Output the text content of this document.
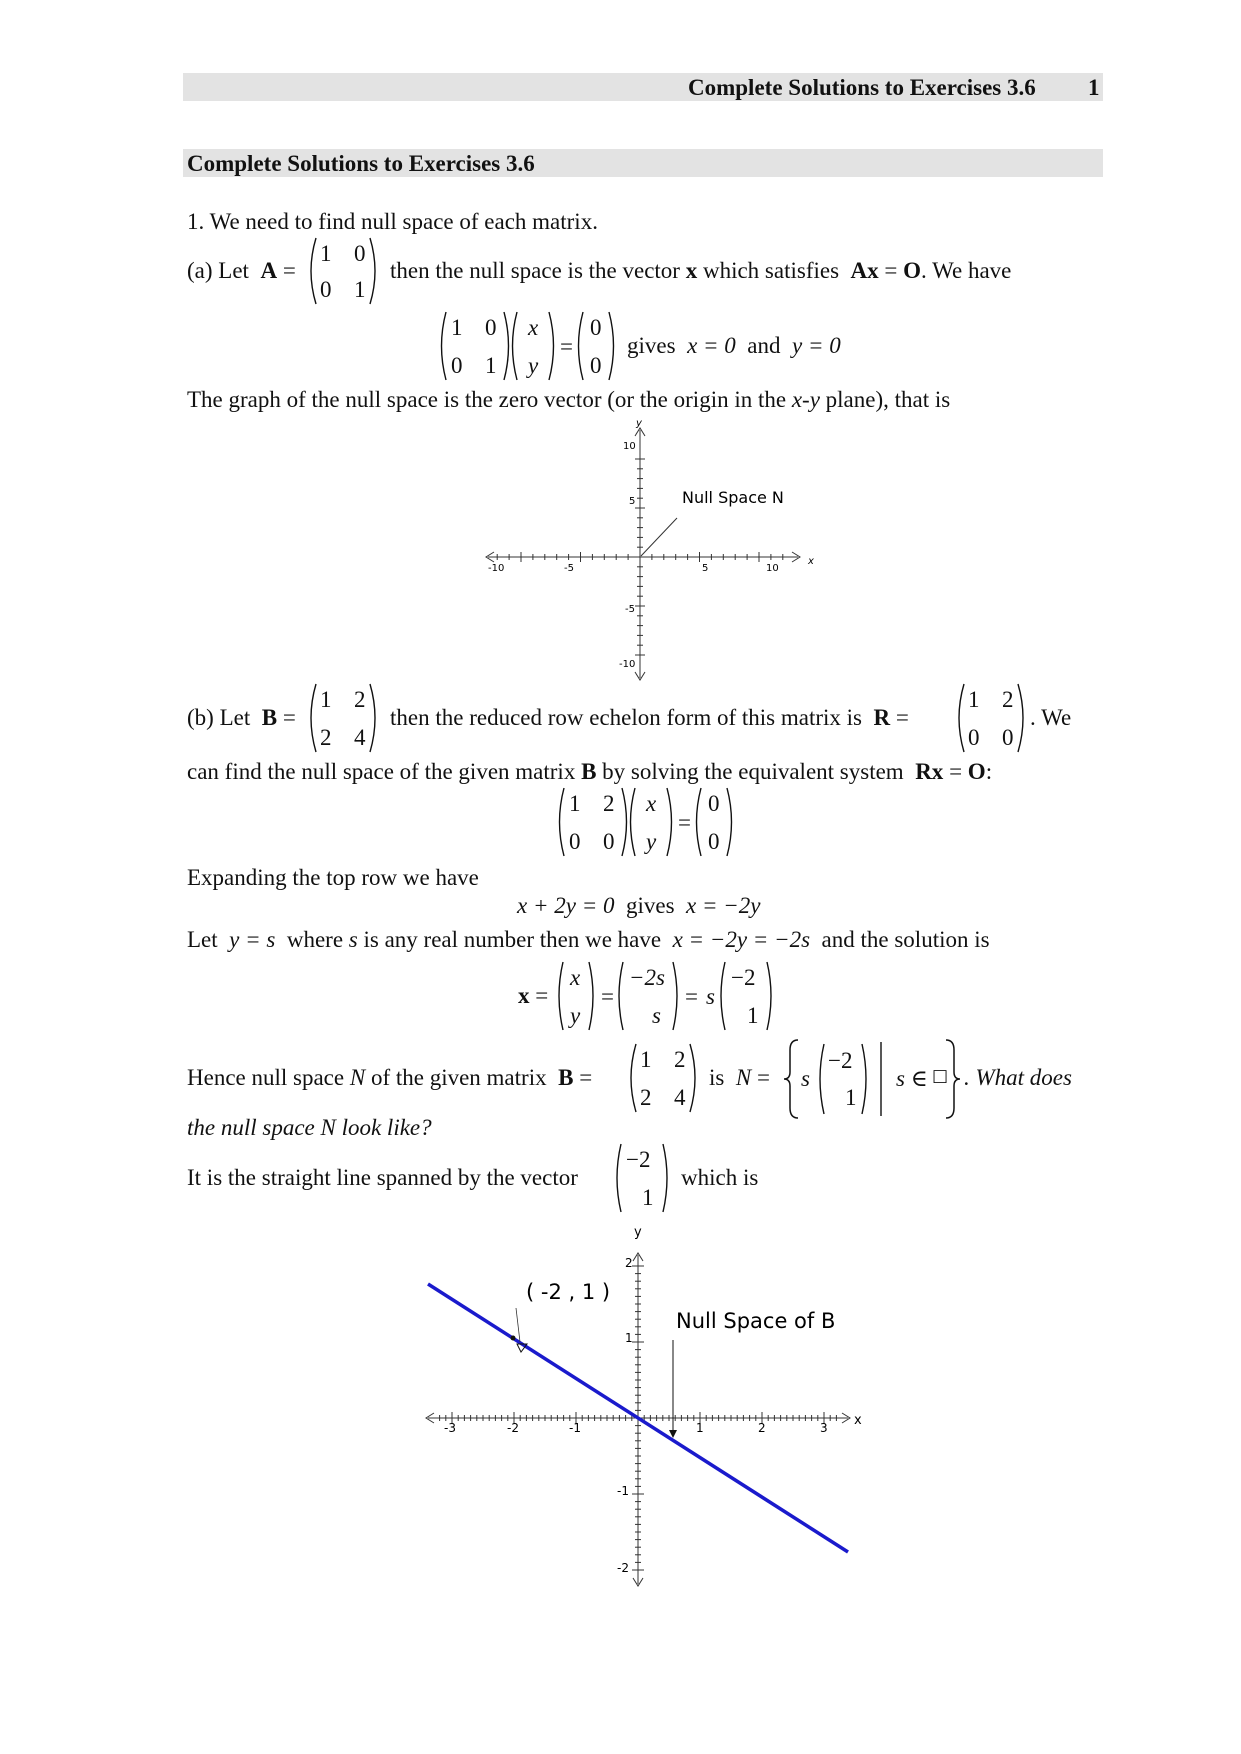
Complete Solutions to Exercises 3.6 1
Complete Solutions to Exercises 3.6
1. We need to find null space of each matrix.
(a) Let A =
1 0
0 1
then the null space is the vector x which satisfies Ax = O. We have
1 0
0 1
x
y
=
0
0
gives x = 0 and y = 0
The graph of the null space is the zero vector (or the origin in the x-y plane), that is
-10	-5	5	10
10
5
-5
-10
x
y
Null Space N
(b) Let B =
1 2
2 4
then the reduced row echelon form of this matrix is R =
1 2
0 0
. We
can find the null space of the given matrix B by solving the equivalent system Rx = O:
1 2
0 0
x
y
=
0
0
Expanding the top row we have
x + 2y = 0 gives x = −2y
Let y = s where s is any real number then we have x = −2y = −2s and the solution is
x =
x
y
=
−2s
s
= s
−2
1
Hence null space N of the given matrix B =
1 2
2 4
is N = s
−2
1
s ∈ □ . What does
the null space N look like?
It is the straight line spanned by the vector
−2
1
which is
-3	-2	-1	1	2	3
2
1
-1
-2
x
y
( -2 , 1 )
Null Space of B
